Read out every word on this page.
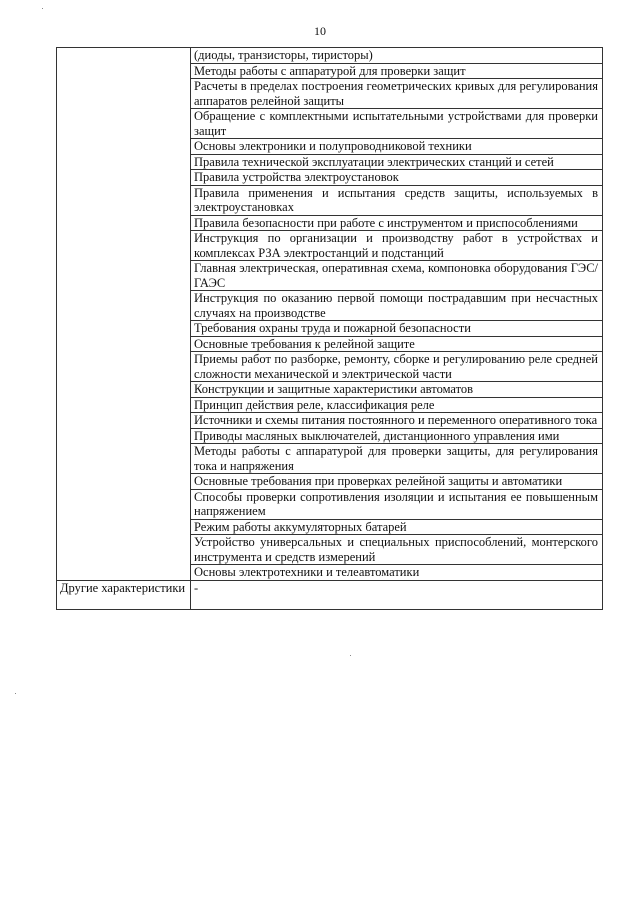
10
	(диоды, транзисторы, тиристоры)
	Методы работы с аппаратурой для проверки защит
	Расчеты в пределах построения геометрических кривых для регулирования аппаратов релейной защиты
	Обращение с комплектными испытательными устройствами для проверки защит
	Основы электроники и полупроводниковой техники
	Правила технической эксплуатации электрических станций и сетей
	Правила устройства электроустановок
	Правила применения и испытания средств защиты, используемых в электроустановках
	Правила безопасности при работе с инструментом и приспособлениями
	Инструкция по организации и производству работ в устройствах и комплексах РЗА электростанций и подстанций
	Главная электрическая, оперативная схема, компоновка оборудования ГЭС/ГАЭС
	Инструкция по оказанию первой помощи пострадавшим при несчастных случаях на производстве
	Требования охраны труда и пожарной безопасности
	Основные требования к релейной защите
	Приемы работ по разборке, ремонту, сборке и регулированию реле средней сложности механической и электрической части
	Конструкции и защитные характеристики автоматов
	Принцип действия реле, классификация реле
	Источники и схемы питания постоянного и переменного оперативного тока
	Приводы масляных выключателей, дистанционного управления ими
	Методы работы с аппаратурой для проверки защиты, для регулирования тока и напряжения
	Основные требования при проверках релейной защиты и автоматики
	Способы проверки сопротивления изоляции и испытания ее повышенным напряжением
	Режим работы аккумуляторных батарей
	Устройство универсальных и специальных приспособлений, монтерского инструмента и средств измерений
	Основы электротехники и телеавтоматики
Другие характеристики	-
